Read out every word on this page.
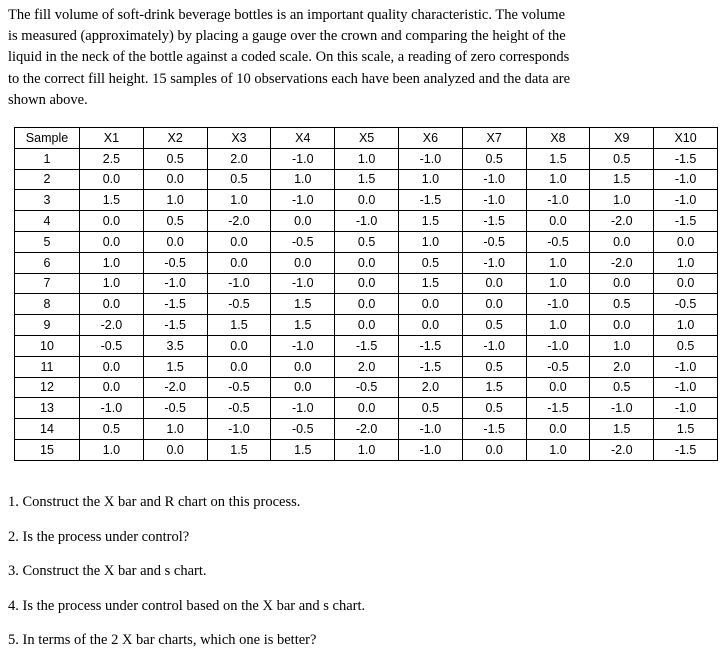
The fill volume of soft-drink beverage bottles is an important quality characteristic. The volume
is measured (approximately) by placing a gauge over the crown and comparing the height of the
liquid in the neck of the bottle against a coded scale. On this scale, a reading of zero corresponds
to the correct fill height. 15 samples of 10 observations each have been analyzed and the data are
shown above.
Sample	X1	X2	X3	X4	X5	X6	X7	X8	X9	X10
1	2.5	0.5	2.0	-1.0	1.0	-1.0	0.5	1.5	0.5	-1.5
2	0.0	0.0	0.5	1.0	1.5	1.0	-1.0	1.0	1.5	-1.0
3	1.5	1.0	1.0	-1.0	0.0	-1.5	-1.0	-1.0	1.0	-1.0
4	0.0	0.5	-2.0	0.0	-1.0	1.5	-1.5	0.0	-2.0	-1.5
5	0.0	0.0	0.0	-0.5	0.5	1.0	-0.5	-0.5	0.0	0.0
6	1.0	-0.5	0.0	0.0	0.0	0.5	-1.0	1.0	-2.0	1.0
7	1.0	-1.0	-1.0	-1.0	0.0	1.5	0.0	1.0	0.0	0.0
8	0.0	-1.5	-0.5	1.5	0.0	0.0	0.0	-1.0	0.5	-0.5
9	-2.0	-1.5	1.5	1.5	0.0	0.0	0.5	1.0	0.0	1.0
10	-0.5	3.5	0.0	-1.0	-1.5	-1.5	-1.0	-1.0	1.0	0.5
11	0.0	1.5	0.0	0.0	2.0	-1.5	0.5	-0.5	2.0	-1.0
12	0.0	-2.0	-0.5	0.0	-0.5	2.0	1.5	0.0	0.5	-1.0
13	-1.0	-0.5	-0.5	-1.0	0.0	0.5	0.5	-1.5	-1.0	-1.0
14	0.5	1.0	-1.0	-0.5	-2.0	-1.0	-1.5	0.0	1.5	1.5
15	1.0	0.0	1.5	1.5	1.0	-1.0	0.0	1.0	-2.0	-1.5
1. Construct the X bar and R chart on this process.
2. Is the process under control?
3. Construct the X bar and s chart.
4. Is the process under control based on the X bar and s chart.
5. In terms of the 2 X bar charts, which one is better?
